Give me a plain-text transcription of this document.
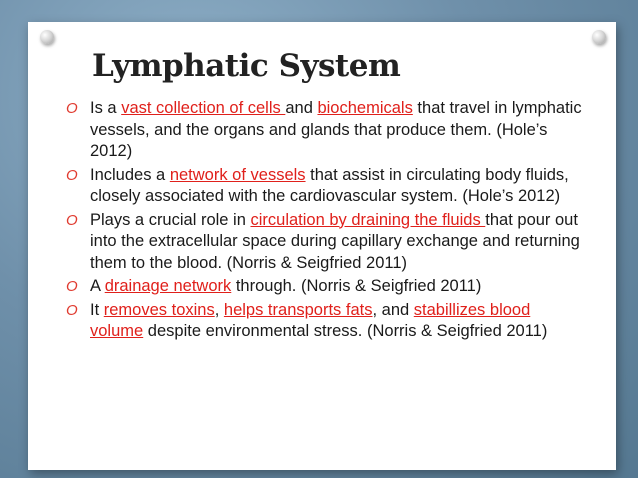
Lymphatic System
O Is a vast collection of cells and biochemicals that travel in lymphatic vessels, and the organs and glands that produce them. (Hole’s 2012)
O Includes a network of vessels that assist in circulating body fluids, closely associated with the cardiovascular system. (Hole’s 2012)
O Plays a crucial role in circulation by draining the fluids that pour out into the extracellular space during capillary exchange and returning them to the blood. (Norris & Seigfried 2011)
O A drainage network through. (Norris & Seigfried 2011)
O It removes toxins, helps transports fats, and stabillizes blood volume despite environmental stress. (Norris & Seigfried 2011)
